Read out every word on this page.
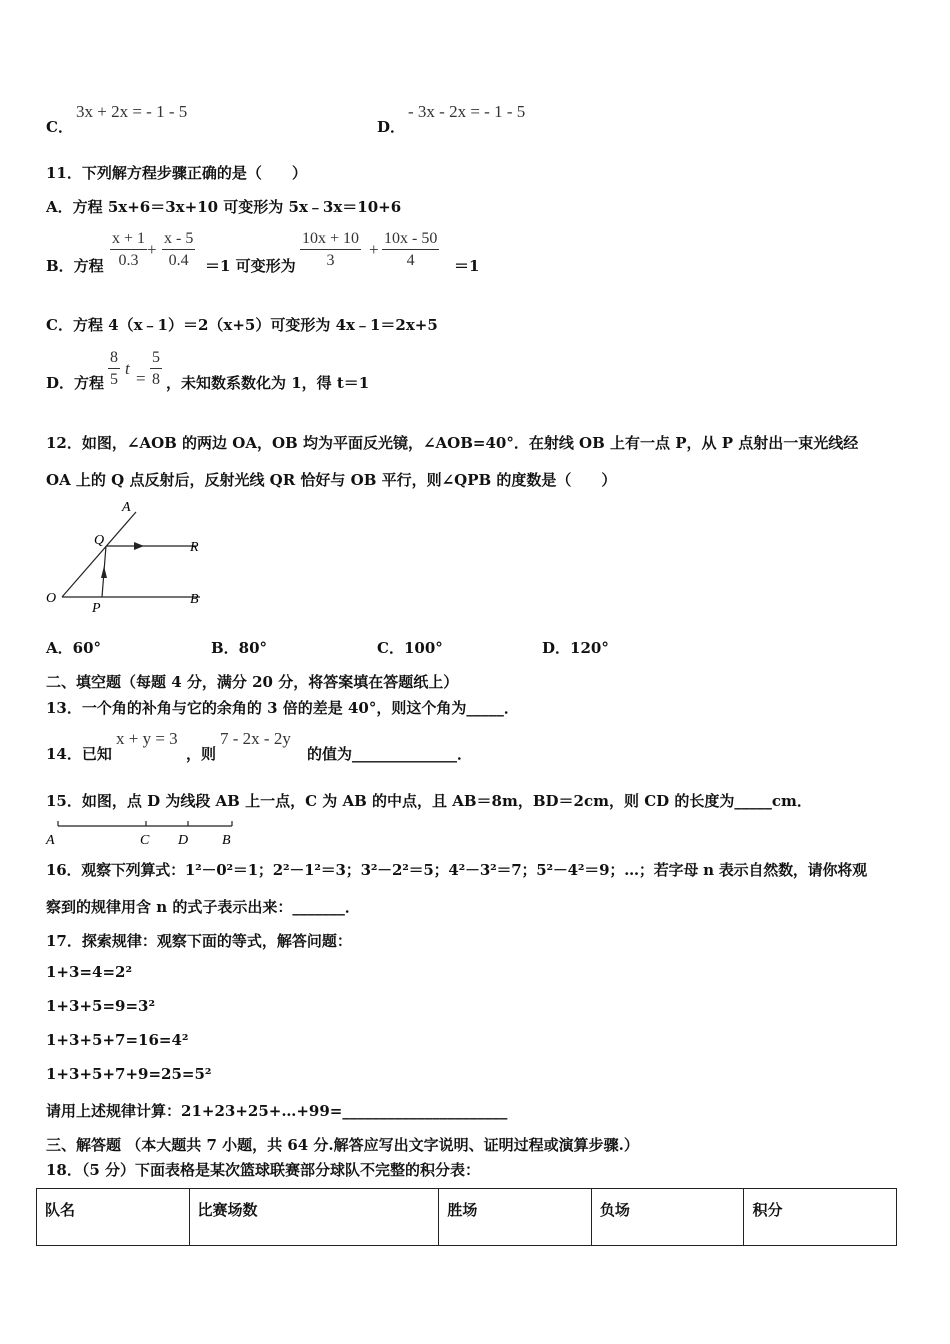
C．
3x + 2x = - 1 - 5
D．
- 3x - 2x = - 1 - 5
11．下列解方程步骤正确的是（　　）
A．方程 5x+6＝3x+10 可变形为 5x﹣3x＝10+6
B．方程 $\frac{x + 1}{0.3} + \frac{x - 5}{0.4} =1$ 可变形为 $\frac{10x + 10}{3} + \frac{10x - 50}{4} =1$
C．方程 4（x﹣1）＝2（x+5）可变形为 4x﹣1＝2x+5
D．方程 $\frac{8}{5}$ t
= $\frac{5}{8}$ ，未知数系数化为 1，得 t＝1
12．如图，∠AOB 的两边 OA，OB 均为平面反光镜，∠AOB=40°．在射线 OB 上有一点 P，从 P 点射出一束光线经
OA 上的 Q 点反射后，反射光线 QR 恰好与 OB 平行，则∠QPB 的度数是（　　）
A
Q	R
O
P
B
A．60°	B．80°	C．100°	D．120°
二、填空题（每题 4 分，满分 20 分，将答案填在答题纸上）
13．一个角的补角与它的余角的 3 倍的差是 40°，则这个角为_____．
14．已知
x + y = 3
，则
7 - 2x - 2y
的值为______________．
15．如图，点 D 为线段 AB 上一点，C 为 AB 的中点，且 AB＝8m，BD＝2cm，则 CD 的长度为_____cm．
A	C D B
16．观察下列算式：1²－0²＝1；2²－1²＝3；3²－2²＝5；4²－3²＝7；5²－4²＝9；…；若字母 n 表示自然数，请你将观
察到的规律用含 n 的式子表示出来：_______．
17．探索规律：观察下面的等式，解答问题：
1+3=4=2²
1+3+5=9=3²
1+3+5+7=16=4²
1+3+5+7+9=25=5²
请用上述规律计算：21+23+25+…+99=______________________
三、解答题 （本大题共 7 小题，共 64 分.解答应写出文字说明、证明过程或演算步骤.）
18．（5 分）下面表格是某次篮球联赛部分球队不完整的积分表：
队名	比赛场数	胜场	负场	积分
